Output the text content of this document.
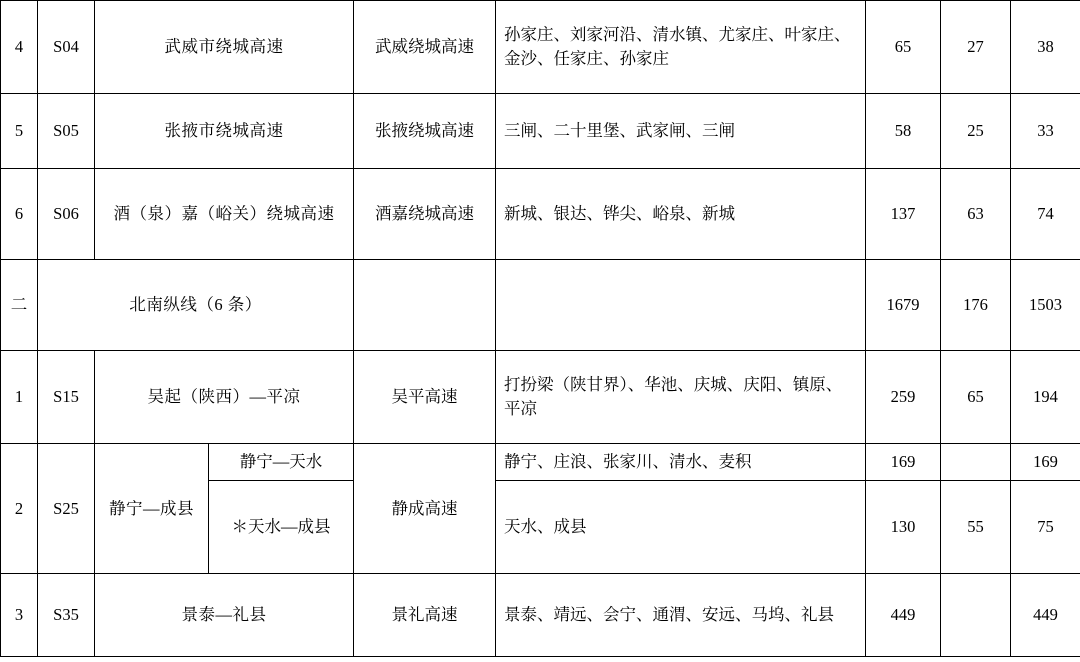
4	S04	武威市绕城高速		武威绕城高速	孙家庄、刘家河沿、清水镇、尤家庄、叶家庄、金沙、任家庄、孙家庄	65	27	38
5	S05	张掖市绕城高速		张掖绕城高速	三闸、二十里堡、武家闸、三闸	58	25	33
6	S06	酒（泉）嘉（峪关）绕城高速		酒嘉绕城高速	新城、银达、铧尖、峪泉、新城	137	63	74
二	北南纵线（6 条）					1679	176	1503
1	S15	吴起（陕西）—平凉		吴平高速	打扮梁（陕甘界）、华池、庆城、庆阳、镇原、平凉	259	65	194
2	S25	静宁—成县	静宁—天水	静成高速	静宁、庄浪、张家川、清水、麦积	169		169
			＊天水—成县		天水、成县	130	55	75
3	S35	景泰—礼县		景礼高速	景泰、靖远、会宁、通渭、安远、马坞、礼县	449		449
